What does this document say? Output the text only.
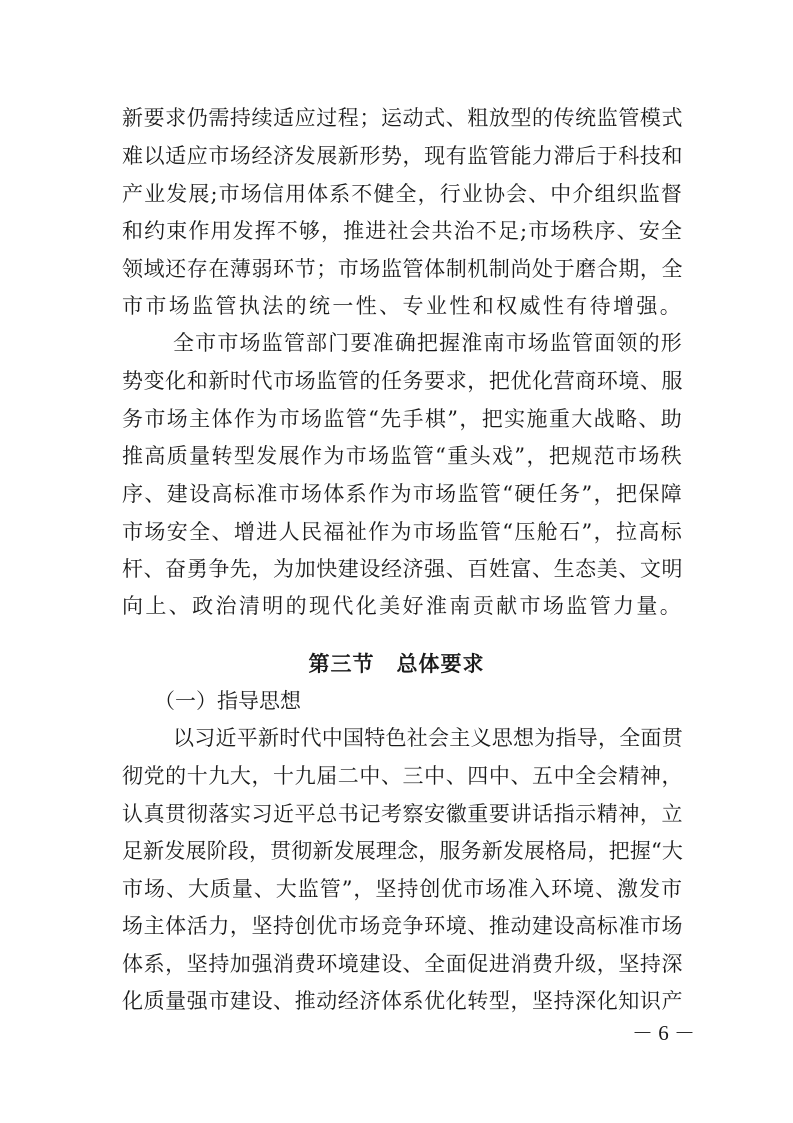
新要求仍需持续适应过程；运动式、粗放型的传统监管模式
难以适应市场经济发展新形势，现有监管能力滞后于科技和
产业发展;市场信用体系不健全，行业协会、中介组织监督
和约束作用发挥不够，推进社会共治不足;市场秩序、安全
领域还存在薄弱环节；市场监管体制机制尚处于磨合期，全
市市场监管执法的统一性、专业性和权威性有待增强。
全市市场监管部门要准确把握淮南市场监管面领的形
势变化和新时代市场监管的任务要求，把优化营商环境、服
务市场主体作为市场监管“先手棋”，把实施重大战略、助
推高质量转型发展作为市场监管“重头戏”，把规范市场秩
序、建设高标准市场体系作为市场监管“硬任务”，把保障
市场安全、增进人民福祉作为市场监管“压舱石”，拉高标
杆、奋勇争先，为加快建设经济强、百姓富、生态美、文明
向上、政治清明的现代化美好淮南贡献市场监管力量。
第三节　总体要求
（一）指导思想
以习近平新时代中国特色社会主义思想为指导，全面贯
彻党的十九大，十九届二中、三中、四中、五中全会精神，
认真贯彻落实习近平总书记考察安徽重要讲话指示精神，立
足新发展阶段，贯彻新发展理念，服务新发展格局，把握“大
市场、大质量、大监管”，坚持创优市场准入环境、激发市
场主体活力，坚持创优市场竞争环境、推动建设高标准市场
体系，坚持加强消费环境建设、全面促进消费升级，坚持深
化质量强市建设、推动经济体系优化转型，坚持深化知识产
－ 6 －
